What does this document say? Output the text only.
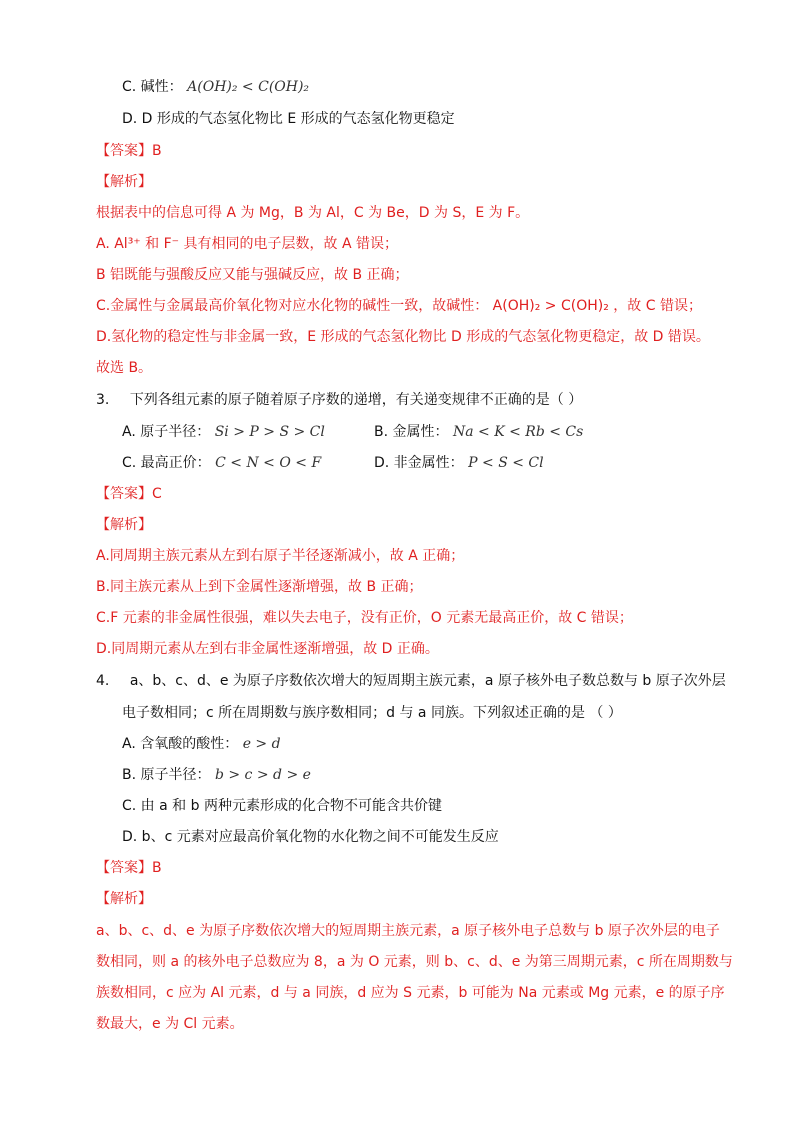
C. 碱性： A(OH)₂ < C(OH)₂
D. D 形成的气态氢化物比 E 形成的气态氢化物更稳定
【答案】B
【解析】
根据表中的信息可得 A 为 Mg，B 为 Al，C 为 Be，D 为 S，E 为 F。
A. Al³⁺ 和 F⁻ 具有相同的电子层数，故 A 错误；
B 铝既能与强酸反应又能与强碱反应，故 B 正确；
C.金属性与金属最高价氧化物对应水化物的碱性一致，故碱性： A(OH)₂ > C(OH)₂ ，故 C 错误；
D.氢化物的稳定性与非金属一致，E 形成的气态氢化物比 D 形成的气态氢化物更稳定，故 D 错误。
故选 B。
3. 下列各组元素的原子随着原子序数的递增，有关递变规律不正确的是（ ）
A. 原子半径： Si > P > S > Cl	B. 金属性： Na < K < Rb < Cs
C. 最高正价： C < N < O < F	D. 非金属性： P < S < Cl
【答案】C
【解析】
A.同周期主族元素从左到右原子半径逐渐减小，故 A 正确；
B.同主族元素从上到下金属性逐渐增强，故 B 正确；
C.F 元素的非金属性很强，难以失去电子，没有正价，O 元素无最高正价，故 C 错误；
D.同周期元素从左到右非金属性逐渐增强，故 D 正确。
4. a、b、c、d、e 为原子序数依次增大的短周期主族元素，a 原子核外电子数总数与 b 原子次外层
电子数相同；c 所在周期数与族序数相同；d 与 a 同族。下列叙述正确的是 （ ）
A. 含氧酸的酸性： e > d
B. 原子半径： b > c > d > e
C. 由 a 和 b 两种元素形成的化合物不可能含共价键
D. b、c 元素对应最高价氧化物的水化物之间不可能发生反应
【答案】B
【解析】
a、b、c、d、e 为原子序数依次增大的短周期主族元素，a 原子核外电子总数与 b 原子次外层的电子
数相同，则 a 的核外电子总数应为 8，a 为 O 元素，则 b、c、d、e 为第三周期元素，c 所在周期数与
族数相同，c 应为 Al 元素，d 与 a 同族，d 应为 S 元素，b 可能为 Na 元素或 Mg 元素，e 的原子序
数最大，e 为 Cl 元素。
